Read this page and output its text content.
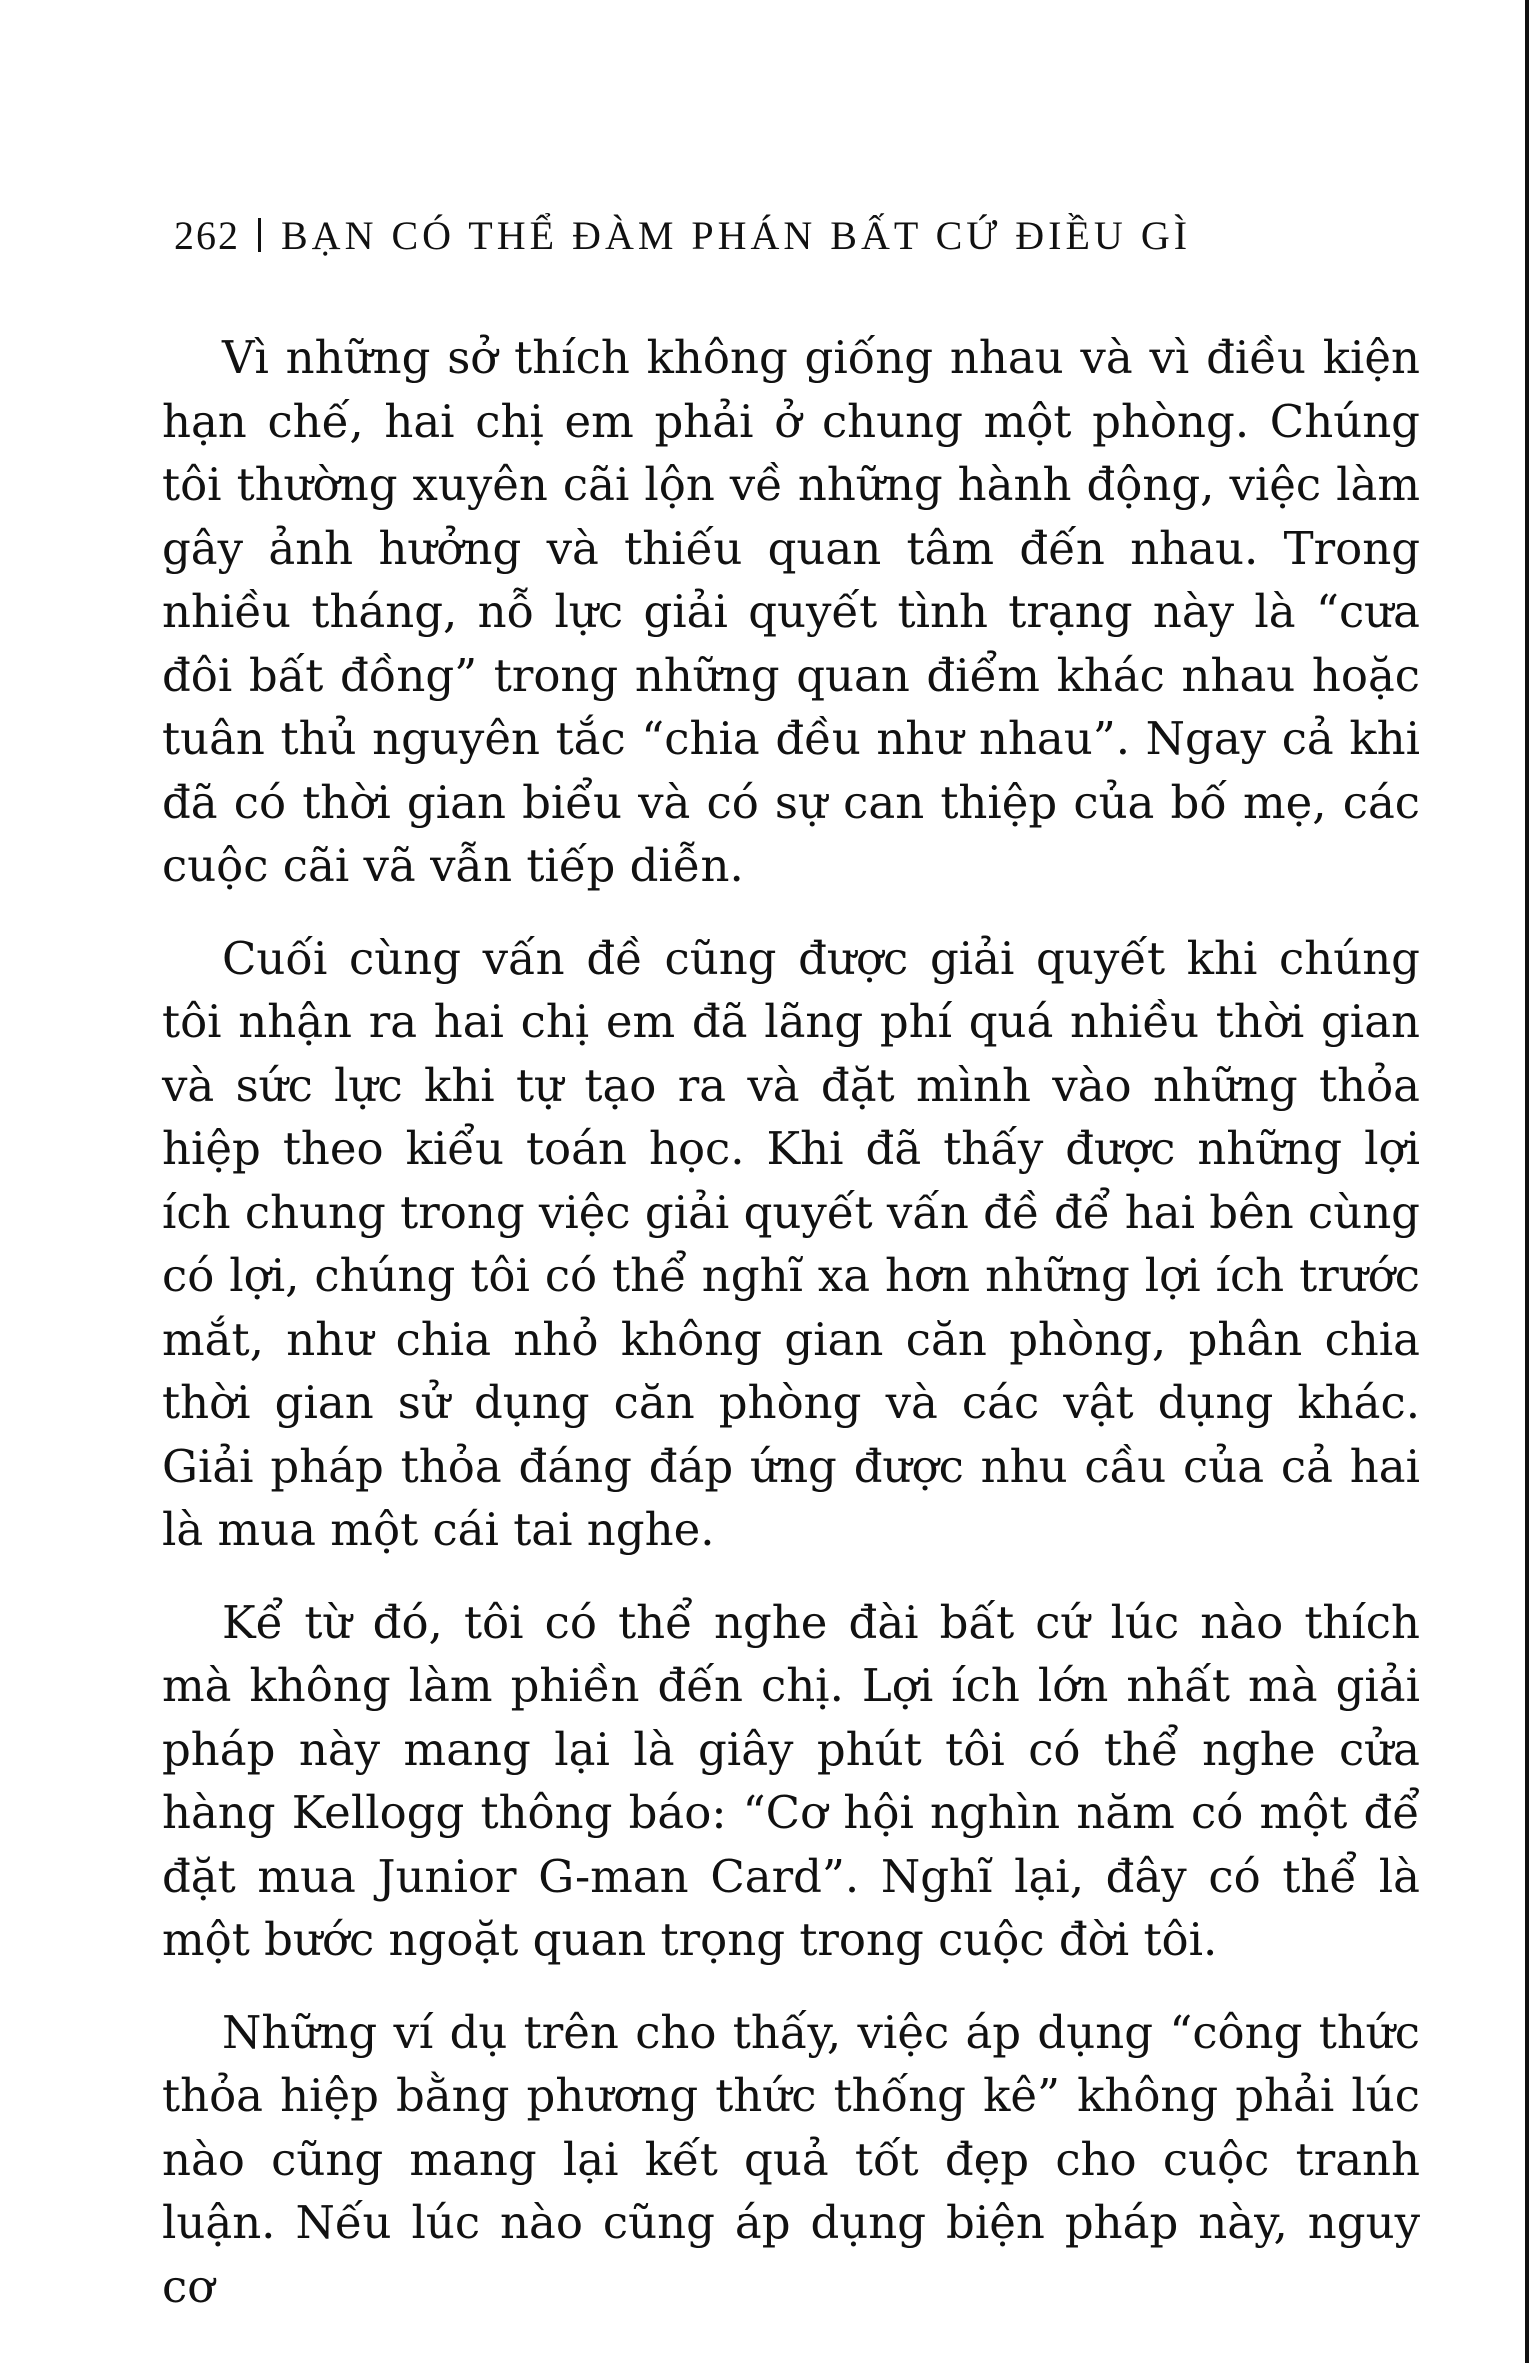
262 BẠN CÓ THỂ ĐÀM PHÁN BẤT CỨ ĐIỀU GÌ

Vì những sở thích không giống nhau và vì điều kiện hạn chế, hai chị em phải ở chung một phòng. Chúng tôi thường xuyên cãi lộn về những hành động, việc làm gây ảnh hưởng và thiếu quan tâm đến nhau. Trong nhiều tháng, nỗ lực giải quyết tình trạng này là “cưa đôi bất đồng” trong những quan điểm khác nhau hoặc tuân thủ nguyên tắc “chia đều như nhau”. Ngay cả khi đã có thời gian biểu và có sự can thiệp của bố mẹ, các cuộc cãi vã vẫn tiếp diễn.

Cuối cùng vấn đề cũng được giải quyết khi chúng tôi nhận ra hai chị em đã lãng phí quá nhiều thời gian và sức lực khi tự tạo ra và đặt mình vào những thỏa hiệp theo kiểu toán học. Khi đã thấy được những lợi ích chung trong việc giải quyết vấn đề để hai bên cùng có lợi, chúng tôi có thể nghĩ xa hơn những lợi ích trước mắt, như chia nhỏ không gian căn phòng, phân chia thời gian sử dụng căn phòng và các vật dụng khác. Giải pháp thỏa đáng đáp ứng được nhu cầu của cả hai là mua một cái tai nghe.

Kể từ đó, tôi có thể nghe đài bất cứ lúc nào thích mà không làm phiền đến chị. Lợi ích lớn nhất mà giải pháp này mang lại là giây phút tôi có thể nghe cửa hàng Kellogg thông báo: “Cơ hội nghìn năm có một để đặt mua Junior G-man Card”. Nghĩ lại, đây có thể là một bước ngoặt quan trọng trong cuộc đời tôi.

Những ví dụ trên cho thấy, việc áp dụng “công thức thỏa hiệp bằng phương thức thống kê” không phải lúc nào cũng mang lại kết quả tốt đẹp cho cuộc tranh luận. Nếu lúc nào cũng áp dụng biện pháp này, nguy cơ
